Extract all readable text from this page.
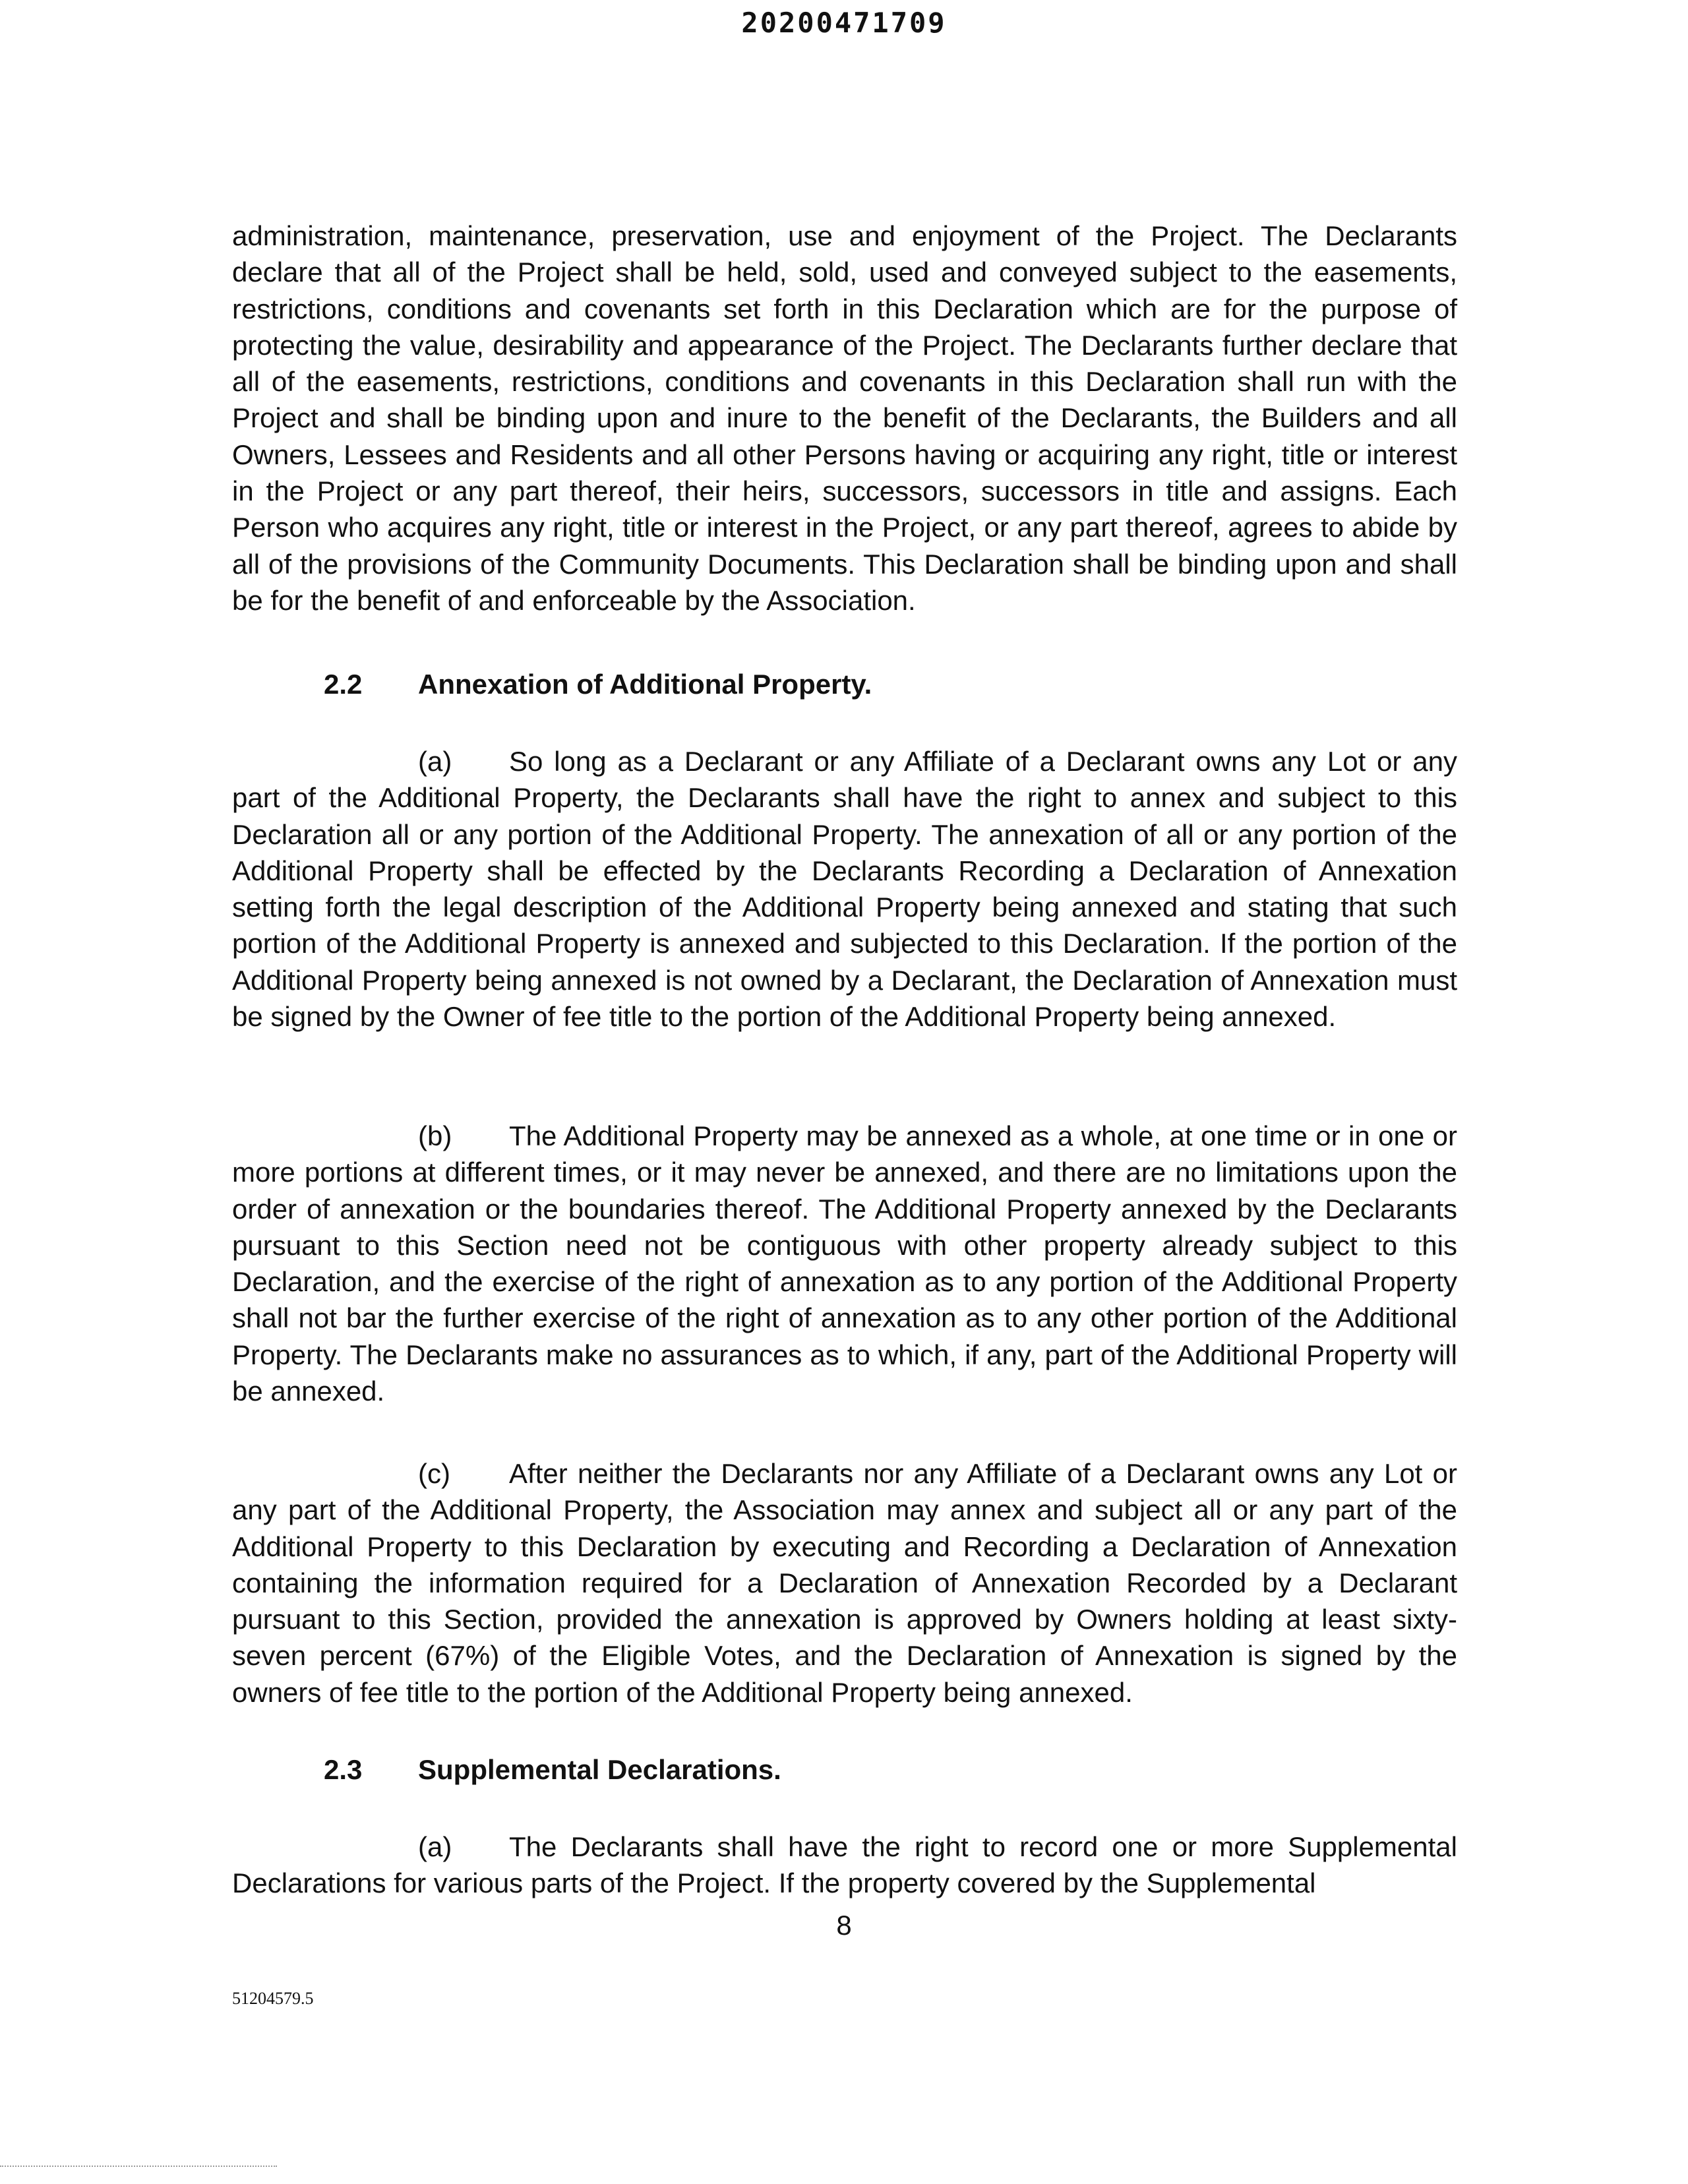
20200471709

administration, maintenance, preservation, use and enjoyment of the Project. The Declarants declare that all of the Project shall be held, sold, used and conveyed subject to the easements, restrictions, conditions and covenants set forth in this Declaration which are for the purpose of protecting the value, desirability and appearance of the Project. The Declarants further declare that all of the easements, restrictions, conditions and covenants in this Declaration shall run with the Project and shall be binding upon and inure to the benefit of the Declarants, the Builders and all Owners, Lessees and Residents and all other Persons having or acquiring any right, title or interest in the Project or any part thereof, their heirs, successors, successors in title and assigns. Each Person who acquires any right, title or interest in the Project, or any part thereof, agrees to abide by all of the provisions of the Community Documents. This Declaration shall be binding upon and shall be for the benefit of and enforceable by the Association.

2.2 Annexation of Additional Property.

(a) So long as a Declarant or any Affiliate of a Declarant owns any Lot or any part of the Additional Property, the Declarants shall have the right to annex and subject to this Declaration all or any portion of the Additional Property. The annexation of all or any portion of the Additional Property shall be effected by the Declarants Recording a Declaration of Annexation setting forth the legal description of the Additional Property being annexed and stating that such portion of the Additional Property is annexed and subjected to this Declaration. If the portion of the Additional Property being annexed is not owned by a Declarant, the Declaration of Annexation must be signed by the Owner of fee title to the portion of the Additional Property being annexed.

(b) The Additional Property may be annexed as a whole, at one time or in one or more portions at different times, or it may never be annexed, and there are no limitations upon the order of annexation or the boundaries thereof. The Additional Property annexed by the Declarants pursuant to this Section need not be contiguous with other property already subject to this Declaration, and the exercise of the right of annexation as to any portion of the Additional Property shall not bar the further exercise of the right of annexation as to any other portion of the Additional Property. The Declarants make no assurances as to which, if any, part of the Additional Property will be annexed.

(c) After neither the Declarants nor any Affiliate of a Declarant owns any Lot or any part of the Additional Property, the Association may annex and subject all or any part of the Additional Property to this Declaration by executing and Recording a Declaration of Annexation containing the information required for a Declaration of Annexation Recorded by a Declarant pursuant to this Section, provided the annexation is approved by Owners holding at least sixty-seven percent (67%) of the Eligible Votes, and the Declaration of Annexation is signed by the owners of fee title to the portion of the Additional Property being annexed.

2.3 Supplemental Declarations.

(a) The Declarants shall have the right to record one or more Supplemental Declarations for various parts of the Project. If the property covered by the Supplemental

8
51204579.5
